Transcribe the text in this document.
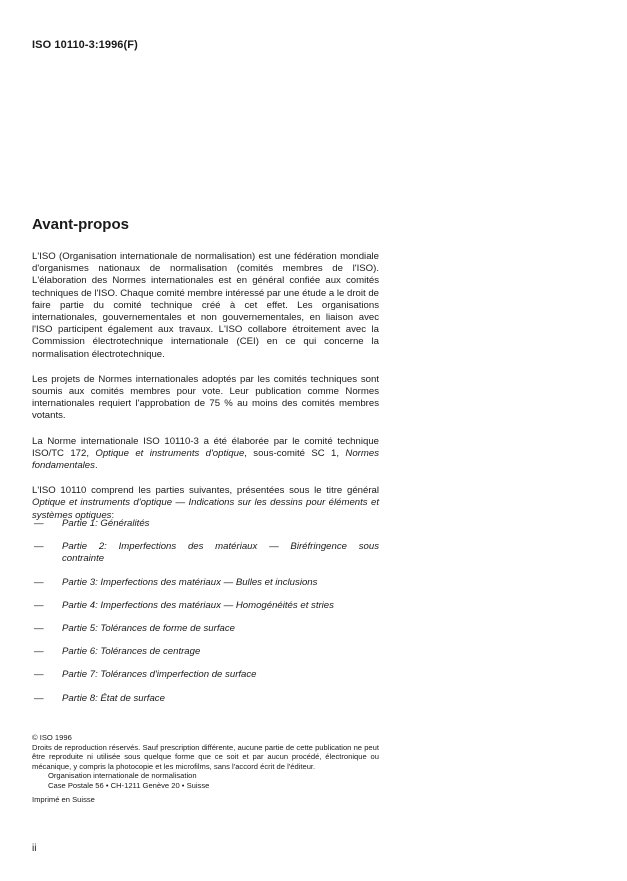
ISO 10110-3:1996(F)
Avant-propos

L'ISO (Organisation internationale de normalisation) est une fédération mondiale d'organismes nationaux de normalisation (comités membres de l'ISO). L'élaboration des Normes internationales est en général confiée aux comités techniques de l'ISO. Chaque comité membre intéressé par une étude a le droit de faire partie du comité technique créé à cet effet. Les organisations internationales, gouvernementales et non gouvernementales, en liaison avec l'ISO participent également aux travaux. L'ISO collabore étroitement avec la Commission électrotechnique internationale (CEI) en ce qui concerne la normalisation électrotechnique.

Les projets de Normes internationales adoptés par les comités techniques sont soumis aux comités membres pour vote. Leur publication comme Normes internationales requiert l'approbation de 75 % au moins des comités membres votants.

La Norme internationale ISO 10110-3 a été élaborée par le comité technique ISO/TC 172, Optique et instruments d'optique, sous-comité SC 1, Normes fondamentales.

L'ISO 10110 comprend les parties suivantes, présentées sous le titre général Optique et instruments d'optique — Indications sur les dessins pour éléments et systèmes optiques:

—	Partie 1: Généralités
—	Partie 2: Imperfections des matériaux — Biréfringence sous
contrainte
—	Partie 3: Imperfections des matériaux — Bulles et inclusions
—	Partie 4: Imperfections des matériaux — Homogénéités et stries
—	Partie 5: Tolérances de forme de surface
—	Partie 6: Tolérances de centrage
—	Partie 7: Tolérances d'imperfection de surface
—	Partie 8: État de surface

© ISO 1996

Droits de reproduction réservés. Sauf prescription différente, aucune partie de cette publication ne peut être reproduite ni utilisée sous quelque forme que ce soit et par aucun procédé, électronique ou mécanique, y compris la photocopie et les microfilms, sans l'accord écrit de l'éditeur.

Organisation internationale de normalisation

Case Postale 56 • CH-1211 Genève 20 • Suisse

Imprimé en Suisse

ii
